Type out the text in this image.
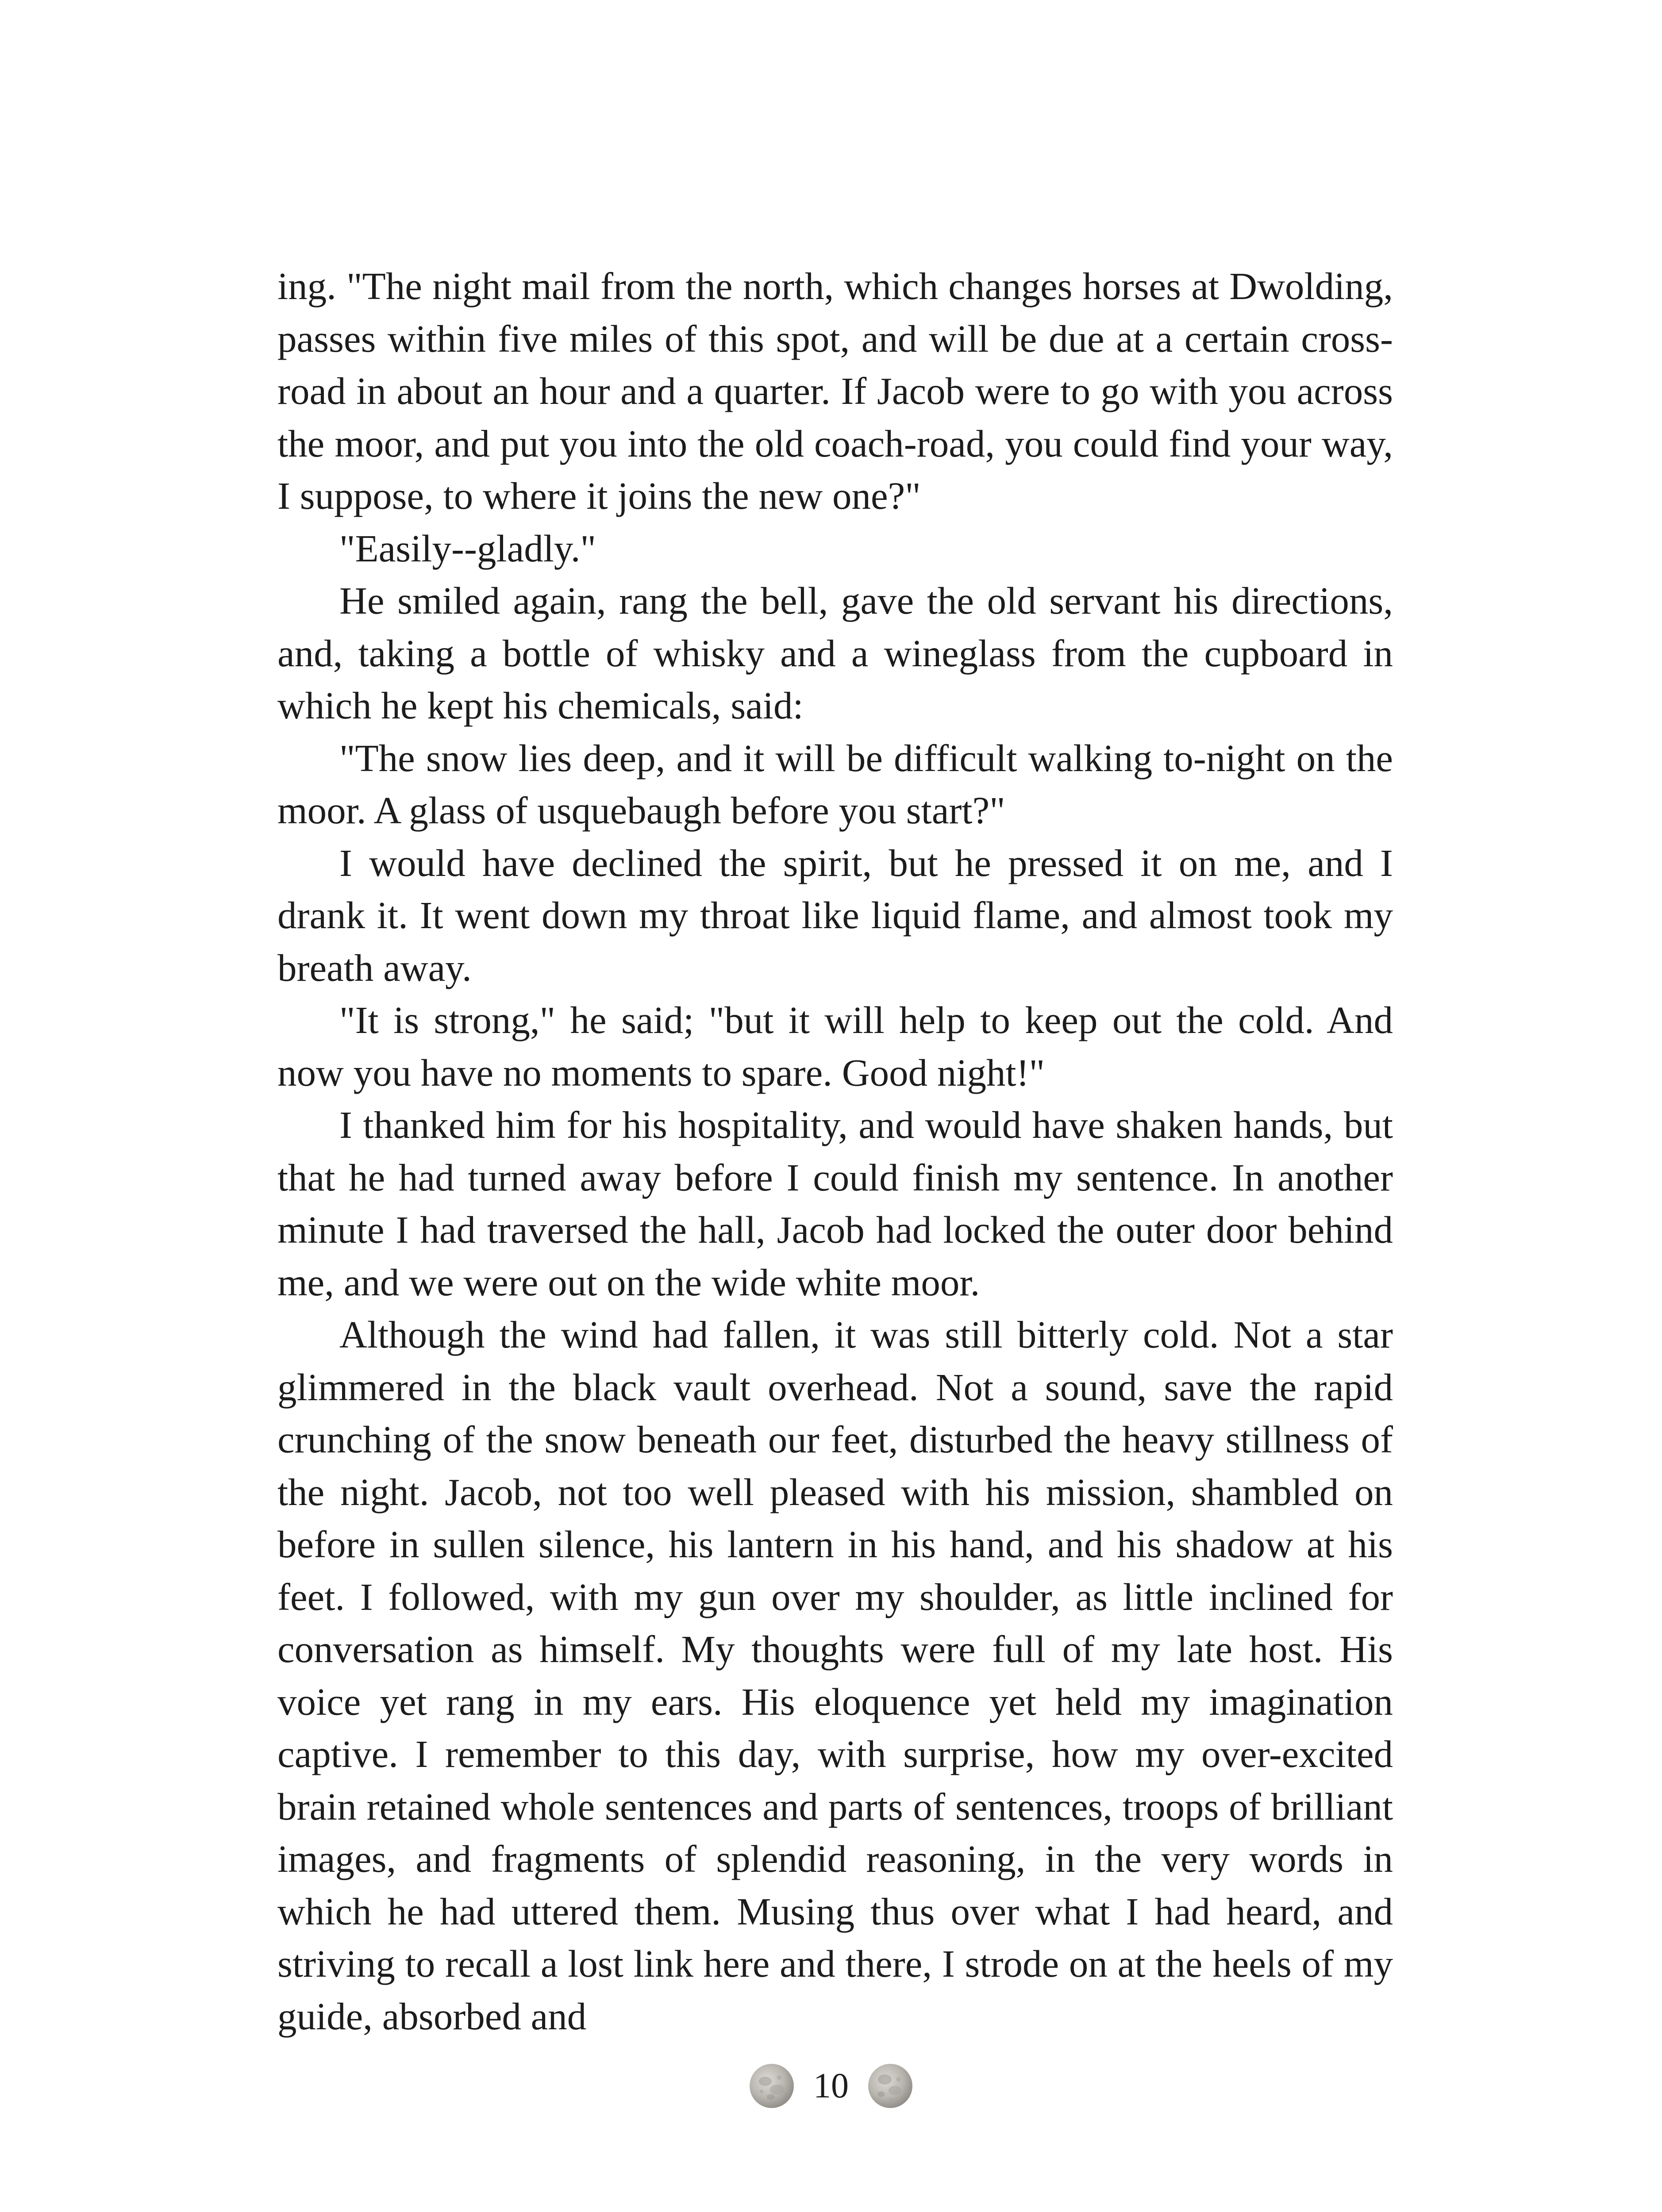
ing. "The night mail from the north, which changes horses at Dwolding, passes within five miles of this spot, and will be due at a certain cross-road in about an hour and a quarter. If Jacob were to go with you across the moor, and put you into the old coach-road, you could find your way, I suppose, to where it joins the new one?"

"Easily--gladly."

He smiled again, rang the bell, gave the old servant his directions, and, taking a bottle of whisky and a wineglass from the cupboard in which he kept his chemicals, said:

"The snow lies deep, and it will be difficult walking to-night on the moor. A glass of usquebaugh before you start?"

I would have declined the spirit, but he pressed it on me, and I drank it. It went down my throat like liquid flame, and almost took my breath away.

"It is strong," he said; "but it will help to keep out the cold. And now you have no moments to spare. Good night!"

I thanked him for his hospitality, and would have shaken hands, but that he had turned away before I could finish my sentence. In another minute I had traversed the hall, Jacob had locked the outer door behind me, and we were out on the wide white moor.

Although the wind had fallen, it was still bitterly cold. Not a star glimmered in the black vault overhead. Not a sound, save the rapid crunching of the snow beneath our feet, disturbed the heavy stillness of the night. Jacob, not too well pleased with his mission, shambled on before in sullen silence, his lantern in his hand, and his shadow at his feet. I followed, with my gun over my shoulder, as little inclined for conversation as himself. My thoughts were full of my late host. His voice yet rang in my ears. His eloquence yet held my imagination captive. I remember to this day, with surprise, how my over-excited brain retained whole sentences and parts of sentences, troops of brilliant images, and fragments of splendid reasoning, in the very words in which he had uttered them. Musing thus over what I had heard, and striving to recall a lost link here and there, I strode on at the heels of my guide, absorbed and

10
